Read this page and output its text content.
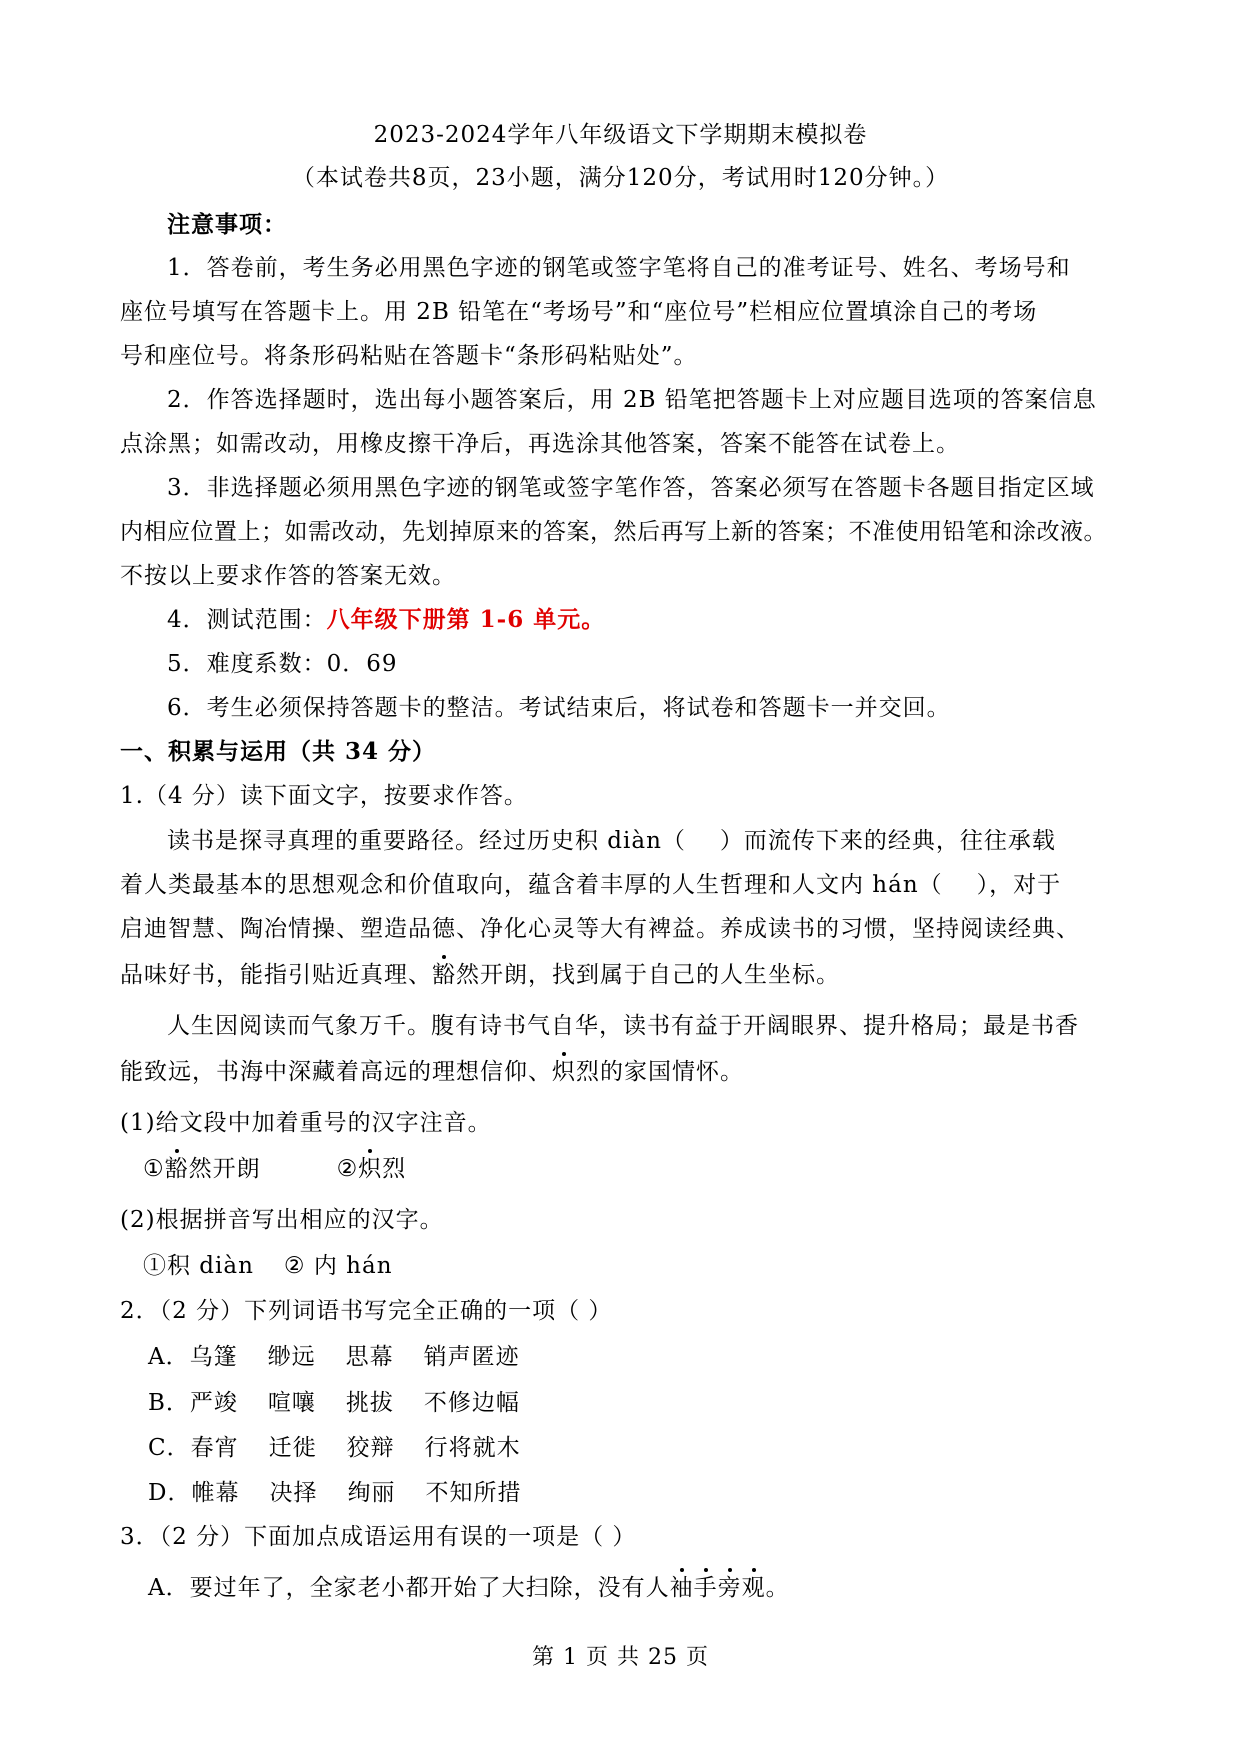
2023-2024学年八年级语文下学期期末模拟卷
（本试卷共8页，23小题，满分120分，考试用时120分钟。）
注意事项：
1．答卷前，考生务必用黑色字迹的钢笔或签字笔将自己的准考证号、姓名、考场号和
座位号填写在答题卡上。用 2B 铅笔在“考场号”和“座位号”栏相应位置填涂自己的考场
号和座位号。将条形码粘贴在答题卡“条形码粘贴处”。
2．作答选择题时，选出每小题答案后，用 2B 铅笔把答题卡上对应题目选项的答案信息
点涂黑；如需改动，用橡皮擦干净后，再选涂其他答案，答案不能答在试卷上。
3．非选择题必须用黑色字迹的钢笔或签字笔作答，答案必须写在答题卡各题目指定区域
内相应位置上；如需改动，先划掉原来的答案，然后再写上新的答案；不准使用铅笔和涂改液。
不按以上要求作答的答案无效。
4．测试范围：八年级下册第 1-6 单元。
5．难度系数：0．69
6．考生必须保持答题卡的整洁。考试结束后，将试卷和答题卡一并交回。
一、积累与运用（共 34 分）
1.（4 分）读下面文字，按要求作答。
读书是探寻真理的重要路径。经过历史积 diàn（ ）而流传下来的经典，往往承载
着人类最基本的思想观念和价值取向，蕴含着丰厚的人生哲理和人文内 hán（ ），对于
启迪智慧、陶冶情操、塑造品德、净化心灵等大有裨益。养成读书的习惯，坚持阅读经典、
品味好书，能指引贴近真理、豁然开朗，找到属于自己的人生坐标。
人生因阅读而气象万千。腹有诗书气自华，读书有益于开阔眼界、提升格局；最是书香
能致远，书海中深藏着高远的理想信仰、炽烈的家国情怀。
(1)给文段中加着重号的汉字注音。
①豁然开朗	②炽烈
(2)根据拼音写出相应的汉字。
①积 diàn ② 内 hán
2．（2 分）下列词语书写完全正确的一项（ ）
A．乌篷 缈远 思幕 销声匿迹
B．严竣 喧嚷 挑拔 不修边幅
C．春宵 迁徙 狡辩 行将就木
D．帷幕 决择 绚丽 不知所措
3．（2 分）下面加点成语运用有误的一项是（ ）
A．要过年了，全家老小都开始了大扫除，没有人袖手旁观。
第 1 页 共 25 页
